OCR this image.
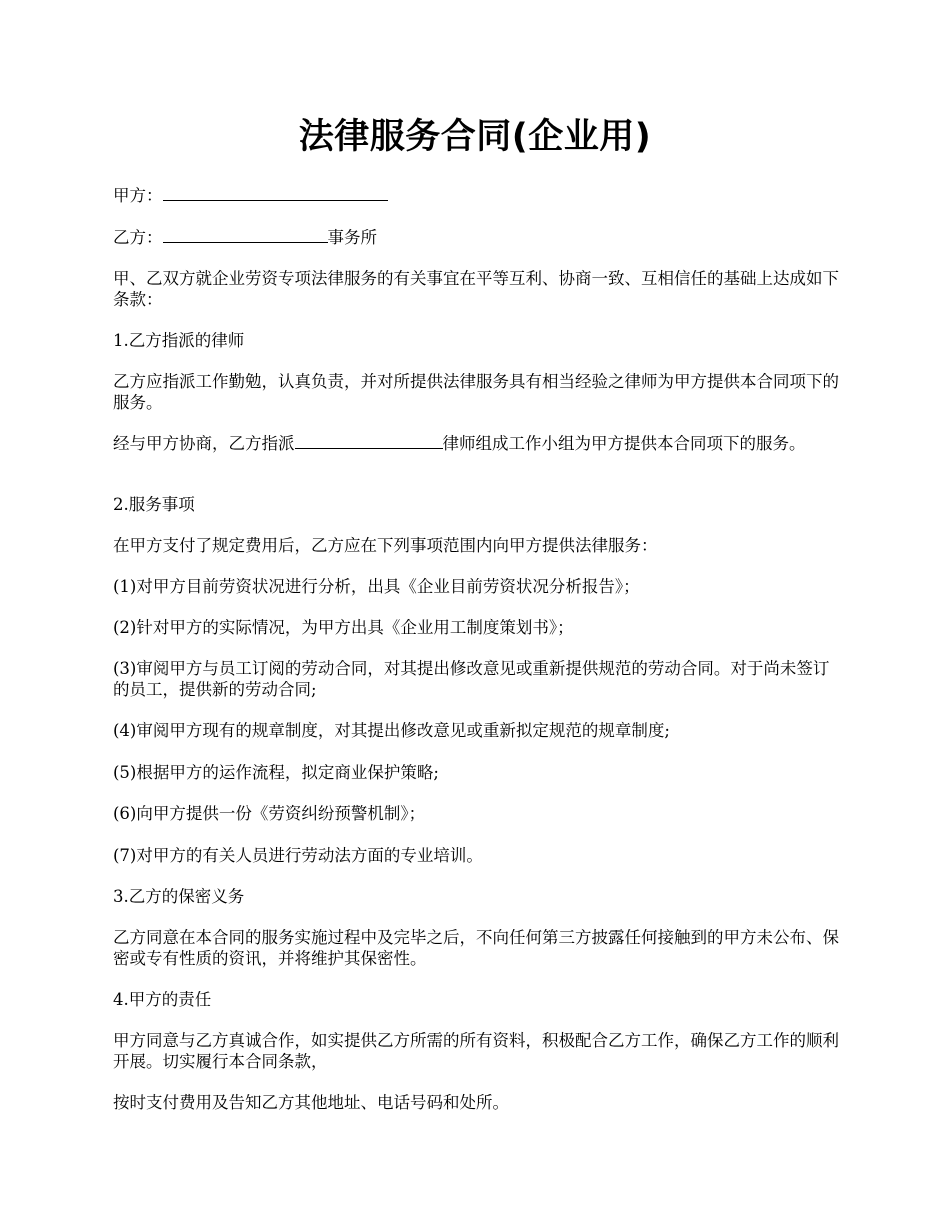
法律服务合同(企业用)

甲方：

乙方：	事务所

甲、乙双方就企业劳资专项法律服务的有关事宜在平等互利、协商一致、互相信任的基础上达成如下条款：

1.乙方指派的律师

乙方应指派工作勤勉，认真负责，并对所提供法律服务具有相当经验之律师为甲方提供本合同项下的服务。

经与甲方协商，乙方指派	律师组成工作小组为甲方提供本合同项下的服务。

2.服务事项

在甲方支付了规定费用后，乙方应在下列事项范围内向甲方提供法律服务：

(1)对甲方目前劳资状况进行分析，出具《企业目前劳资状况分析报告》；

(2)针对甲方的实际情况，为甲方出具《企业用工制度策划书》；

(3)审阅甲方与员工订阅的劳动合同，对其提出修改意见或重新提供规范的劳动合同。对于尚未签订的员工，提供新的劳动合同;

(4)审阅甲方现有的规章制度，对其提出修改意见或重新拟定规范的规章制度;

(5)根据甲方的运作流程，拟定商业保护策略;

(6)向甲方提供一份《劳资纠纷预警机制》；

(7)对甲方的有关人员进行劳动法方面的专业培训。

3.乙方的保密义务

乙方同意在本合同的服务实施过程中及完毕之后，不向任何第三方披露任何接触到的甲方未公布、保密或专有性质的资讯，并将维护其保密性。

4.甲方的责任

甲方同意与乙方真诚合作，如实提供乙方所需的所有资料，积极配合乙方工作，确保乙方工作的顺利开展。切实履行本合同条款，

按时支付费用及告知乙方其他地址、电话号码和处所。
